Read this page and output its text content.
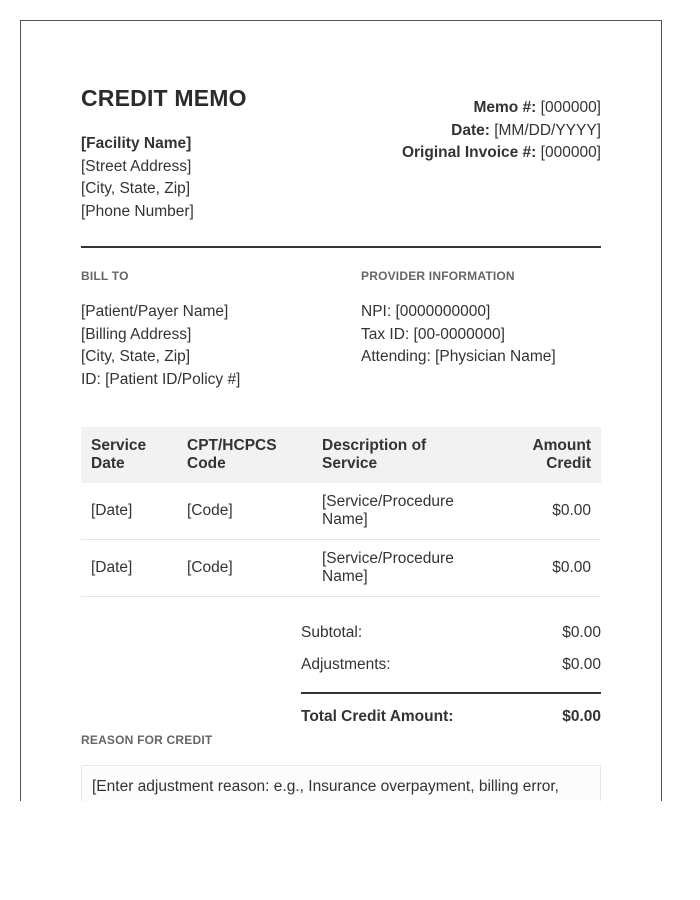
CREDIT MEMO
[Facility Name]
[Street Address]
[City, State, Zip]
[Phone Number]
Memo #: [000000]
Date: [MM/DD/YYYY]
Original Invoice #: [000000]
BILL TO	PROVIDER INFORMATION
[Patient/Payer Name]
[Billing Address]
[City, State, Zip]
ID: [Patient ID/Policy #]
NPI: [0000000000]
Tax ID: [00-0000000]
Attending: [Physician Name]
Service Date	CPT/HCPCS Code	Description of Service	Amount Credit
[Date]	[Code]	[Service/Procedure Name]	$0.00
[Date]	[Code]	[Service/Procedure Name]	$0.00
Subtotal:	$0.00
Adjustments:	$0.00
Total Credit Amount:	$0.00
REASON FOR CREDIT
[Enter adjustment reason: e.g., Insurance overpayment, billing error,
